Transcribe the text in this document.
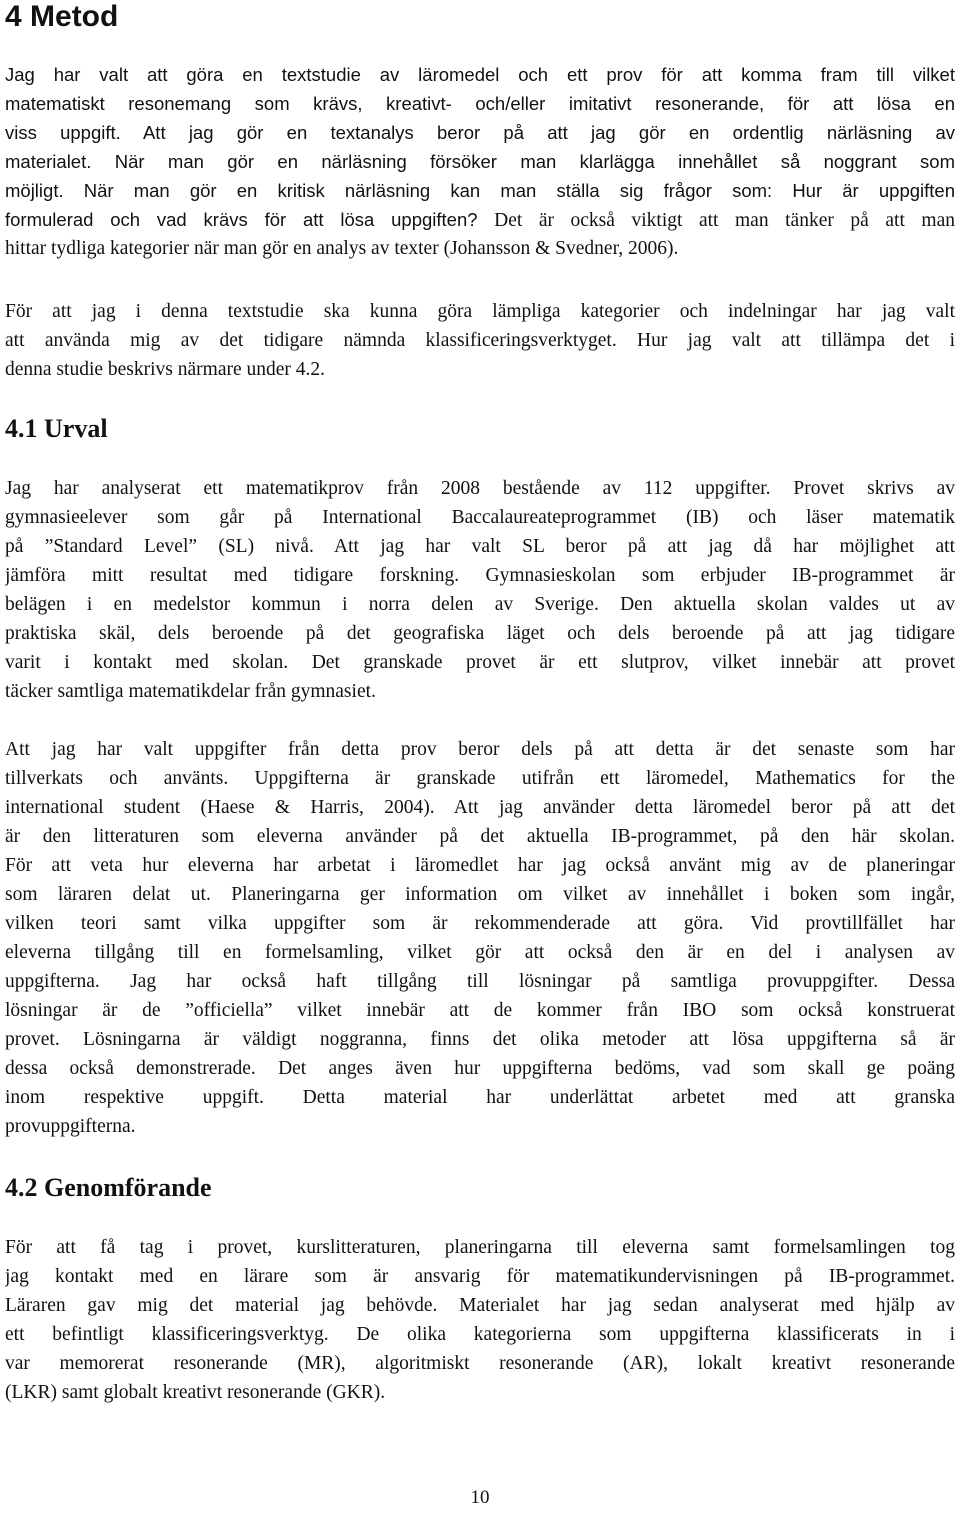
4 Metod
Jag har valt att göra en textstudie av läromedel och ett prov för att komma fram till vilket
matematiskt resonemang som krävs, kreativt- och/eller imitativt resonerande, för att lösa en
viss uppgift. Att jag gör en textanalys beror på att jag gör en ordentlig närläsning av
materialet. När man gör en närläsning försöker man klarlägga innehållet så noggrant som
möjligt. När man gör en kritisk närläsning kan man ställa sig frågor som: Hur är uppgiften
formulerad och vad krävs för att lösa uppgiften? Det är också viktigt att man tänker på att man
hittar tydliga kategorier när man gör en analys av texter (Johansson & Svedner, 2006).
För att jag i denna textstudie ska kunna göra lämpliga kategorier och indelningar har jag valt
att använda mig av det tidigare nämnda klassificeringsverktyget. Hur jag valt att tillämpa det i
denna studie beskrivs närmare under 4.2.
4.1 Urval
Jag har analyserat ett matematikprov från 2008 bestående av 112 uppgifter. Provet skrivs av
gymnasieelever som går på International Baccalaureateprogrammet (IB) och läser matematik
på ”Standard Level” (SL) nivå. Att jag har valt SL beror på att jag då har möjlighet att
jämföra mitt resultat med tidigare forskning. Gymnasieskolan som erbjuder IB-programmet är
belägen i en medelstor kommun i norra delen av Sverige. Den aktuella skolan valdes ut av
praktiska skäl, dels beroende på det geografiska läget och dels beroende på att jag tidigare
varit i kontakt med skolan. Det granskade provet är ett slutprov, vilket innebär att provet
täcker samtliga matematikdelar från gymnasiet.
Att jag har valt uppgifter från detta prov beror dels på att detta är det senaste som har
tillverkats och använts. Uppgifterna är granskade utifrån ett läromedel, Mathematics for the
international student (Haese & Harris, 2004). Att jag använder detta läromedel beror på att det
är den litteraturen som eleverna använder på det aktuella IB-programmet, på den här skolan.
För att veta hur eleverna har arbetat i läromedlet har jag också använt mig av de planeringar
som läraren delat ut. Planeringarna ger information om vilket av innehållet i boken som ingår,
vilken teori samt vilka uppgifter som är rekommenderade att göra. Vid provtillfället har
eleverna tillgång till en formelsamling, vilket gör att också den är en del i analysen av
uppgifterna. Jag har också haft tillgång till lösningar på samtliga provuppgifter. Dessa
lösningar är de ”officiella” vilket innebär att de kommer från IBO som också konstruerat
provet. Lösningarna är väldigt noggranna, finns det olika metoder att lösa uppgifterna så är
dessa också demonstrerade. Det anges även hur uppgifterna bedöms, vad som skall ge poäng
inom respektive uppgift. Detta material har underlättat arbetet med att granska
provuppgifterna.
4.2 Genomförande
För att få tag i provet, kurslitteraturen, planeringarna till eleverna samt formelsamlingen tog
jag kontakt med en lärare som är ansvarig för matematikundervisningen på IB-programmet.
Läraren gav mig det material jag behövde. Materialet har jag sedan analyserat med hjälp av
ett befintligt klassificeringsverktyg. De olika kategorierna som uppgifterna klassificerats in i
var memorerat resonerande (MR), algoritmiskt resonerande (AR), lokalt kreativt resonerande
(LKR) samt globalt kreativt resonerande (GKR).
10
